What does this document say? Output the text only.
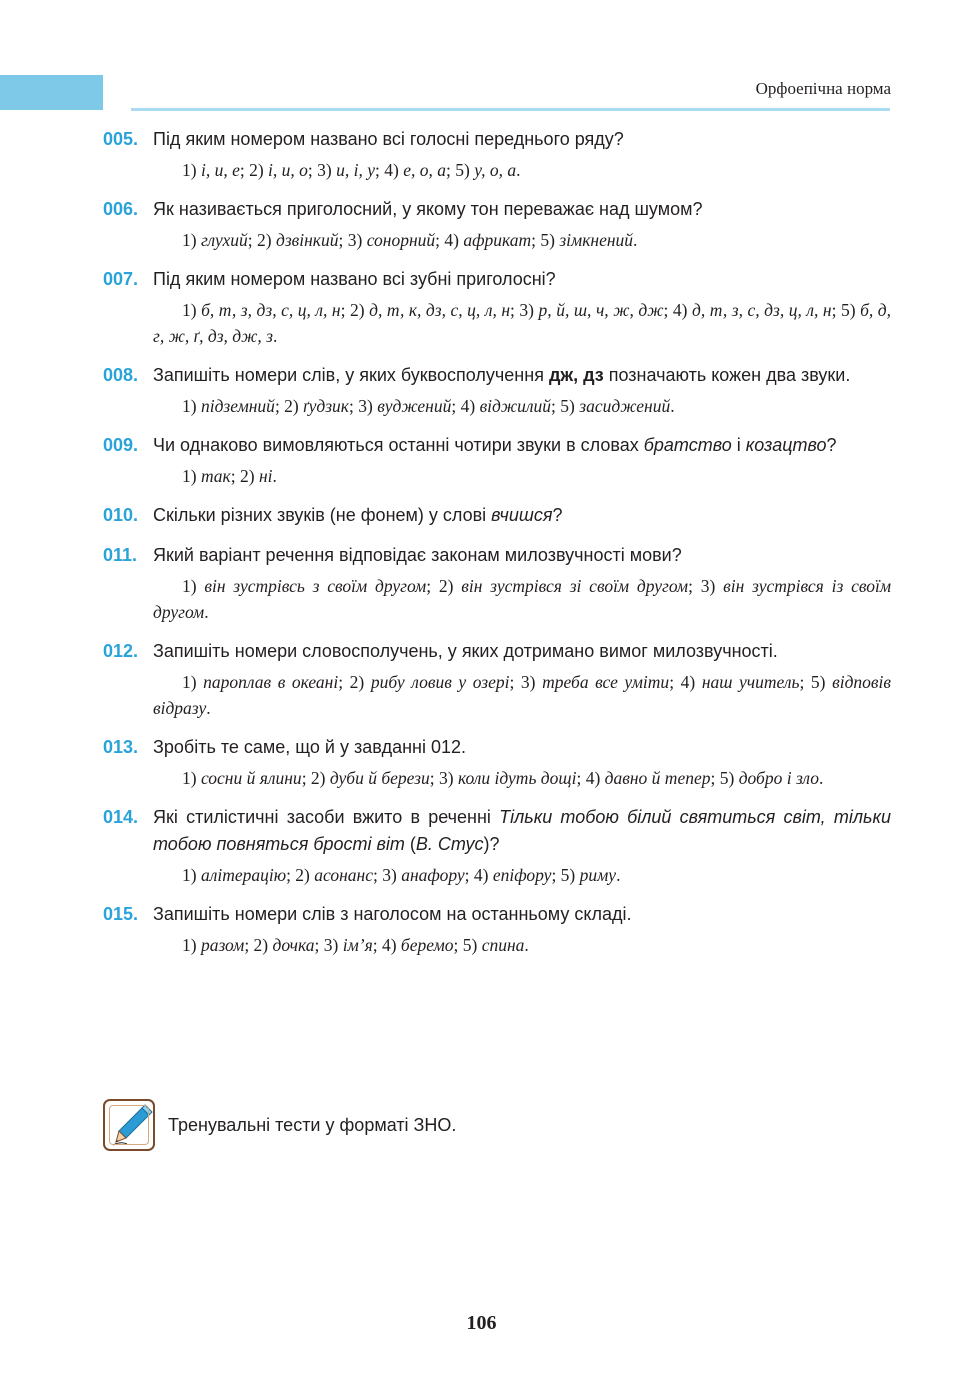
Орфоепічна норма
005. Під яким номером названо всі голосні переднього ряду?
1) і, и, е; 2) і, и, о; 3) и, і, у; 4) е, о, а; 5) у, о, а.
006. Як називається приголосний, у якому тон переважає над шумом?
1) глухий; 2) дзвінкий; 3) сонорний; 4) африкат; 5) зімкнений.
007. Під яким номером названо всі зубні приголосні?
1) б, т, з, дз, с, ц, л, н; 2) д, т, к, дз, с, ц, л, н; 3) р, й, ш, ч, ж, дж; 4) д, т, з, с, дз, ц, л, н; 5) б, д, г, ж, ґ, дз, дж, з.
008. Запишіть номери слів, у яких буквосполучення дж, дз позначають кожен два звуки.
1) підземний; 2) ґудзик; 3) вуджений; 4) віджилий; 5) засиджений.
009. Чи однаково вимовляються останні чотири звуки в словах братство і козацтво?
1) так; 2) ні.
010. Скільки різних звуків (не фонем) у слові вчишся?
011. Який варіант речення відповідає законам милозвучності мови?
1) він зустрівсь з своїм другом; 2) він зустрівся зі своїм другом; 3) він зустрівся із своїм другом.
012. Запишіть номери словосполучень, у яких дотримано вимог милозвучності.
1) пароплав в океані; 2) рибу ловив у озері; 3) треба все уміти; 4) наш учитель; 5) відповів відразу.
013. Зробіть те саме, що й у завданні 012.
1) сосни й ялини; 2) дуби й берези; 3) коли ідуть дощі; 4) давно й тепер; 5) добро і зло.
014. Які стилістичні засоби вжито в реченні Тільки тобою білий святиться світ, тільки тобою повняться брості віт (В. Стус)?
1) алітерацію; 2) асонанс; 3) анафору; 4) епіфору; 5) риму.
015. Запишіть номери слів з наголосом на останньому складі.
1) разом; 2) дочка; 3) ім’я; 4) беремо; 5) спина.
Тренувальні тести у форматі ЗНО.
106
